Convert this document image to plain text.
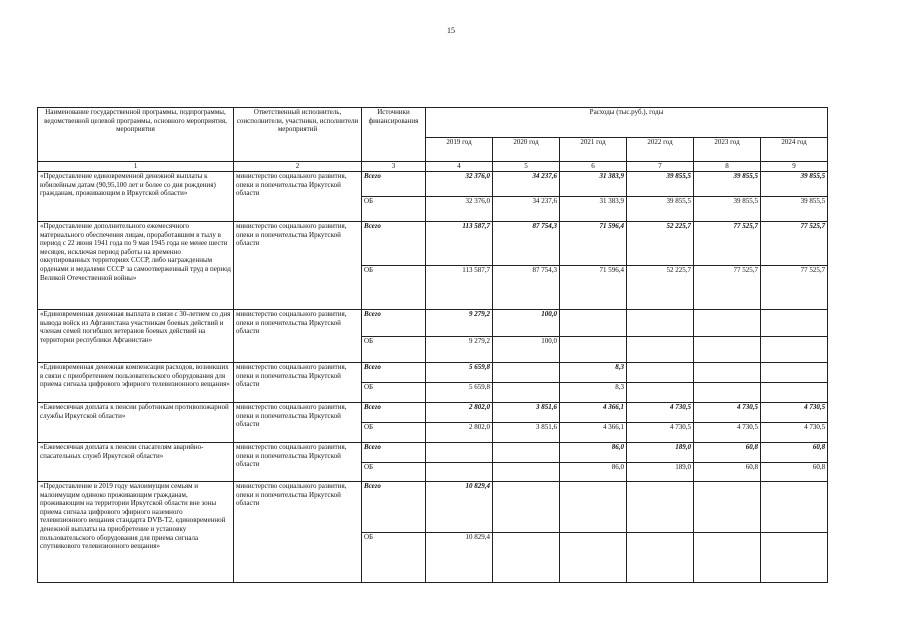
15
Наименование государственной программы, подпрограммы, ведомственной целевой программы, основного мероприятия, мероприятия	Ответственный исполнитель, соисполнители, участники, исполнители мероприятий	Источники финансирования	Расходы (тыс.руб.), годы					
			2019 год	2020 год	2021 год	2022 год	2023 год	2024 год
1	2	3	4	5	6	7	8	9
«Предоставление единовременной денежной выплаты к юбилейным датам (90,95,100 лет и более со дня рождения) гражданам, проживающим в Иркутской области»	министерство социального развития, опеки и попечительства Иркутской области	Всего	32 376,0	34 237,6	31 383,9	39 855,5	39 855,5	39 855,5
		ОБ	32 376,0	34 237,6	31 383,9	39 855,5	39 855,5	39 855,5
«Предоставление дополнительного ежемесячного материального обеспечения лицам, проработавшим в тылу в период с 22 июня 1941 года по 9 мая 1945 года не менее шести месяцев, исключая период работы на временно оккупированных территориях СССР, либо награжденным орденами и медалями СССР за самоотверженный труд в период Великой Отечественной войны»	министерство социального развития, опеки и попечительства Иркутской области	Всего	113 587,7	87 754,3	71 596,4	52 225,7	77 525,7	77 525,7
		ОБ	113 587,7	87 754,3	71 596,4	52 225,7	77 525,7	77 525,7
«Единовременная денежная выплата в связи с 30-летием со дня вывода войск из Афганистана участникам боевых действий и членам семей погибших ветеранов боевых действий на территории республики Афганистан»	министерство социального развития, опеки и попечительства Иркутской области	Всего	9 279,2	100,0				
		ОБ	9 279,2	100,0				
«Единовременная денежная компенсация расходов, возникших в связи с приобретением пользовательского оборудования для приема сигнала цифрового эфирного телевизионного вещания»	министерство социального развития, опеки и попечительства Иркутской области	Всего	5 659,8		8,3			
		ОБ	5 659,8		8,3			
«Ежемесячная доплата к пенсии работникам противопожарной службы Иркутской области»	министерство социального развития, опеки и попечительства Иркутской области	Всего	2 802,0	3 851,6	4 366,1	4 730,5	4 730,5	4 730,5
		ОБ	2 802,0	3 851,6	4 366,1	4 730,5	4 730,5	4 730,5
«Ежемесячная доплата к пенсии спасателям аварийно-спасательных служб Иркутской области»	министерство социального развития, опеки и попечительства Иркутской области	Всего			86,0	189,0	60,8	60,8
		ОБ			86,0	189,0	60,8	60,8
«Предоставление в 2019 году малоимущим семьям и малоимущим одиноко проживающим гражданам, проживающим на территории Иркутской области вне зоны приема сигнала цифрового эфирного наземного телевизионного вещания стандарта DVB-T2, единовременной денежной выплаты на приобретение и установку пользовательского оборудования для приема сигнала спутникового телевизионного вещания»	министерство социального развития, опеки и попечительства Иркутской области	Всего	10 829,4					
		ОБ	10 829,4					
